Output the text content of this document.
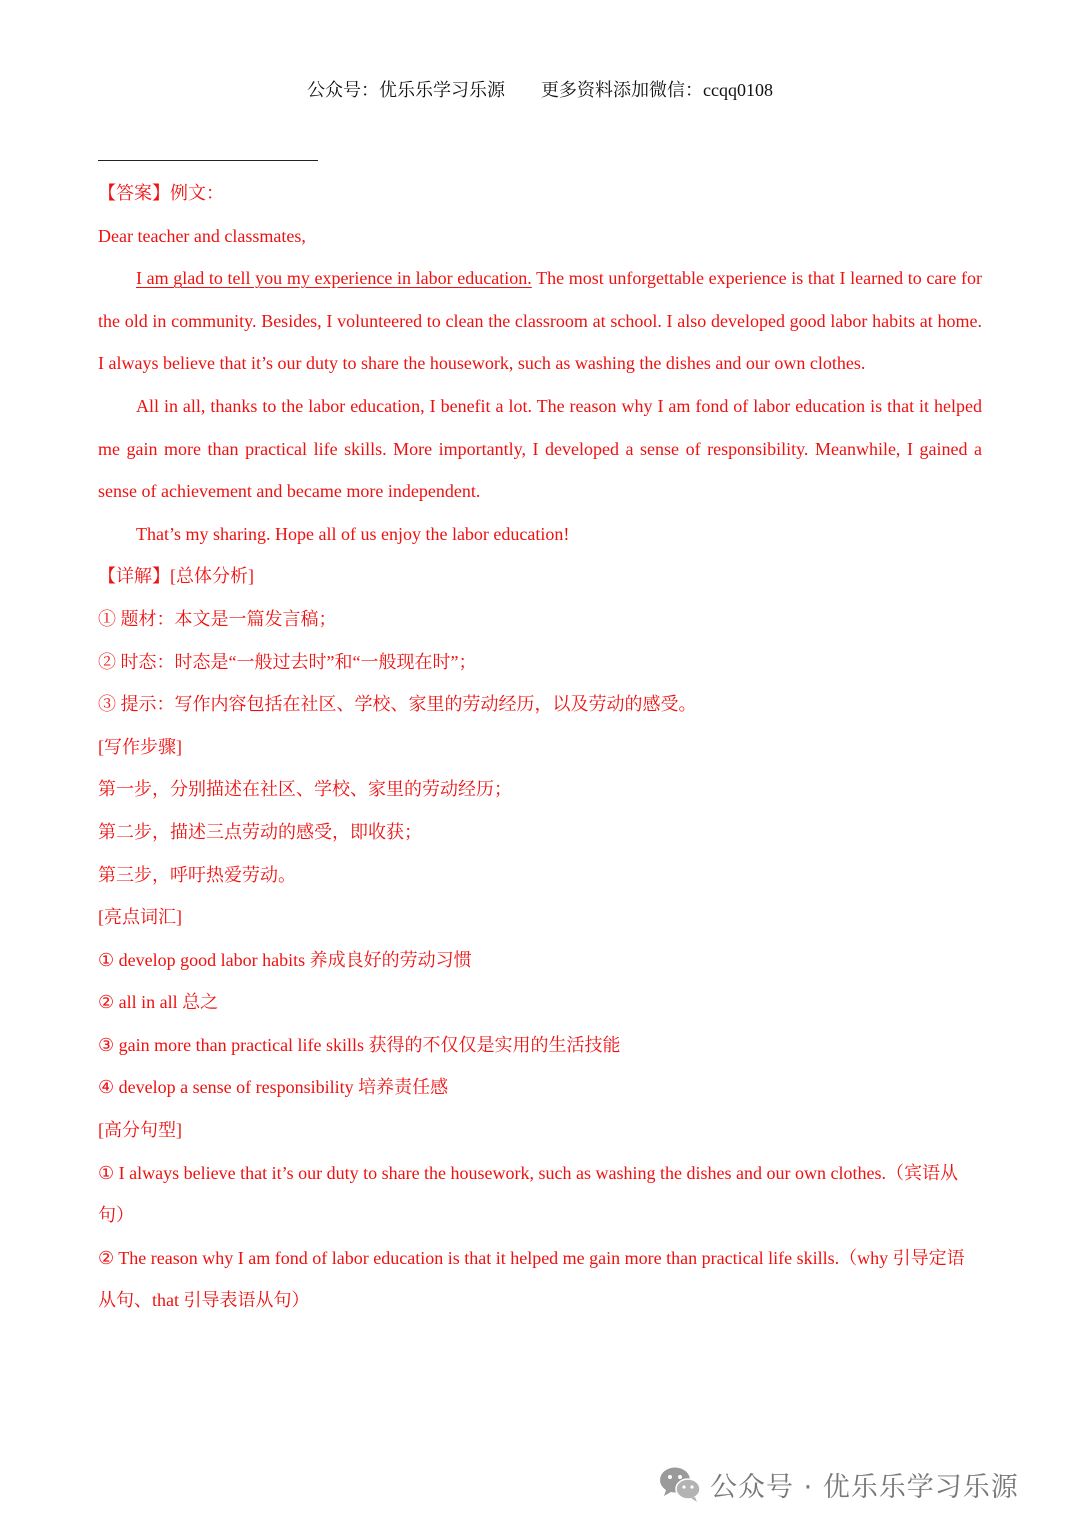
公众号：优乐乐学习乐源 更多资料添加微信：ccqq0108

【答案】例文：

Dear teacher and classmates,

I am glad to tell you my experience in labor education. The most unforgettable experience is that I learned to care for the old in community. Besides, I volunteered to clean the classroom at school. I also developed good labor habits at home. I always believe that it’s our duty to share the housework, such as washing the dishes and our own clothes.

All in all, thanks to the labor education, I benefit a lot. The reason why I am fond of labor education is that it helped me gain more than practical life skills. More importantly, I developed a sense of responsibility. Meanwhile, I gained a sense of achievement and became more independent.

That’s my sharing. Hope all of us enjoy the labor education!

【详解】[总体分析]

① 题材：本文是一篇发言稿；

② 时态：时态是“一般过去时”和“一般现在时”；

③ 提示：写作内容包括在社区、学校、家里的劳动经历，以及劳动的感受。

[写作步骤]

第一步，分别描述在社区、学校、家里的劳动经历；

第二步，描述三点劳动的感受，即收获；

第三步，呼吁热爱劳动。

[亮点词汇]

① develop good labor habits 养成良好的劳动习惯

② all in all 总之

③ gain more than practical life skills 获得的不仅仅是实用的生活技能

④ develop a sense of responsibility 培养责任感

[高分句型]

① I always believe that it’s our duty to share the housework, such as washing the dishes and our own clothes.（宾语从句）

② The reason why I am fond of labor education is that it helped me gain more than practical life skills.（why 引导定语从句、that 引导表语从句）

公众号 · 优乐乐学习乐源
